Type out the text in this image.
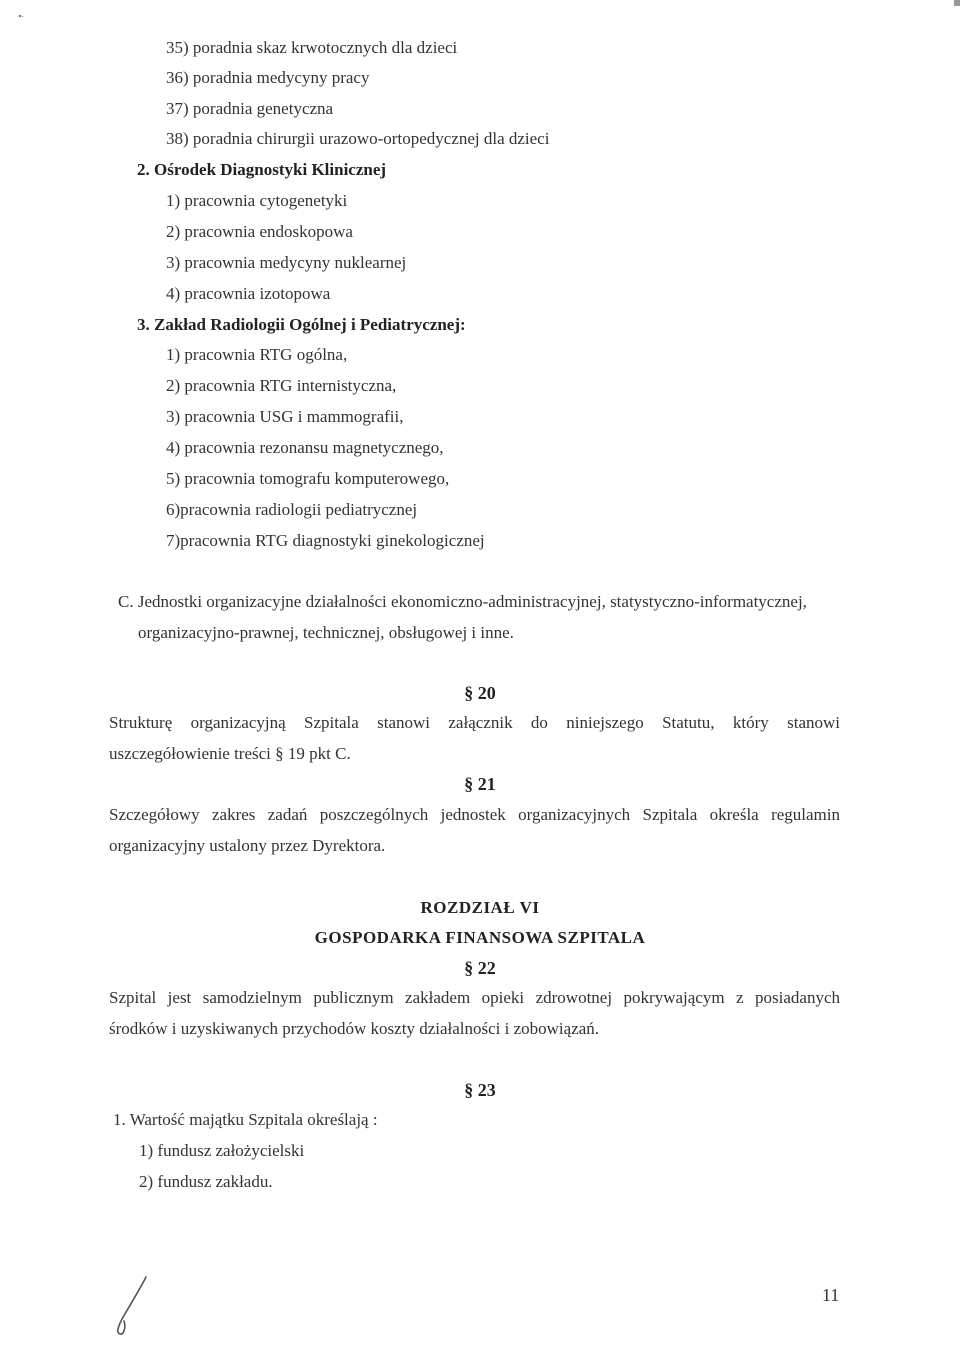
35) poradnia skaz krwotocznych dla dzieci
36) poradnia medycyny pracy
37) poradnia genetyczna
38) poradnia chirurgii urazowo-ortopedycznej dla dzieci
2. Ośrodek Diagnostyki Klinicznej
1) pracownia cytogenetyki
2) pracownia endoskopowa
3) pracownia medycyny nuklearnej
4) pracownia izotopowa
3. Zakład Radiologii Ogólnej i Pediatrycznej:
1) pracownia RTG ogólna,
2) pracownia RTG internistyczna,
3) pracownia USG i mammografii,
4) pracownia rezonansu magnetycznego,
5) pracownia tomografu komputerowego,
6)pracownia radiologii pediatrycznej
7)pracownia RTG diagnostyki ginekologicznej
C. Jednostki organizacyjne działalności ekonomiczno-administracyjnej, statystyczno-informatycznej,
organizacyjno-prawnej, technicznej, obsługowej i inne.
§ 20
Strukturę organizacyjną Szpitala stanowi załącznik do niniejszego Statutu, który stanowi
uszczegółowienie treści § 19 pkt C.
§ 21
Szczegółowy zakres zadań poszczególnych jednostek organizacyjnych Szpitala określa regulamin
organizacyjny ustalony przez Dyrektora.
ROZDZIAŁ VI
GOSPODARKA FINANSOWA SZPITALA
§ 22
Szpital jest samodzielnym publicznym zakładem opieki zdrowotnej pokrywającym z posiadanych
środków i uzyskiwanych przychodów koszty działalności i zobowiązań.
§ 23
1. Wartość majątku Szpitala określają :
1) fundusz założycielski
2) fundusz zakładu.
11
